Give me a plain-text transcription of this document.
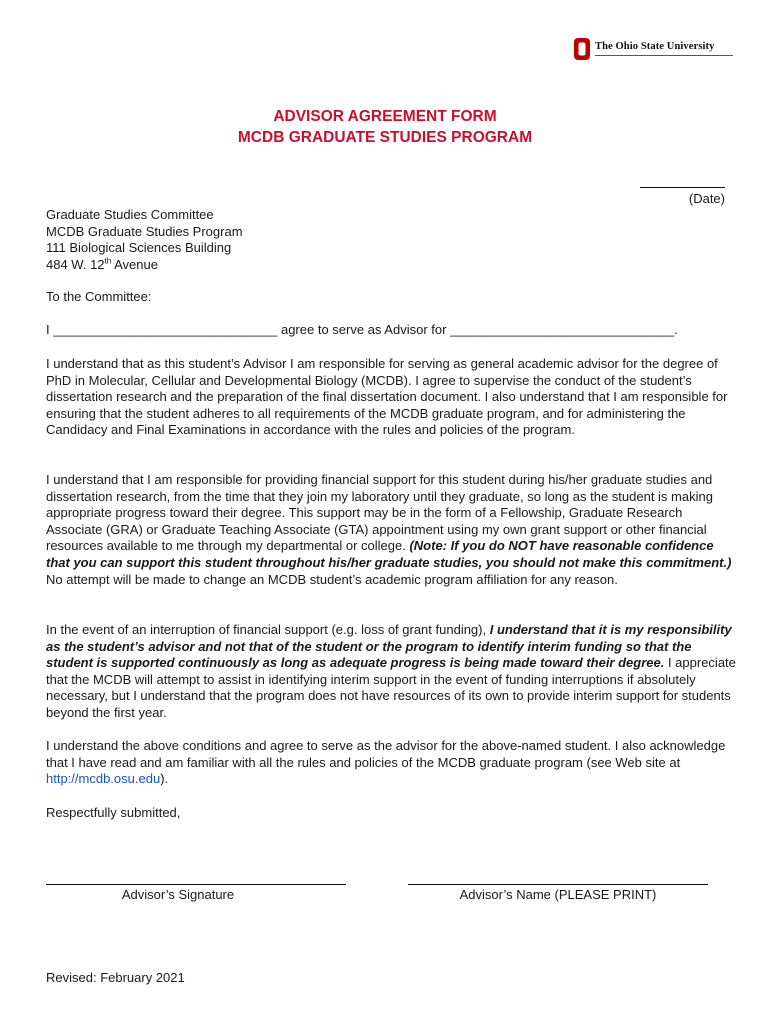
The Ohio State University
ADVISOR AGREEMENT FORM
MCDB GRADUATE STUDIES PROGRAM
(Date)
Graduate Studies Committee
MCDB Graduate Studies Program
111 Biological Sciences Building
484 W. 12th Avenue
To the Committee:
I _______________________________ agree to serve as Advisor for _______________________________.

I understand that as this student’s Advisor I am responsible for serving as general academic advisor for the degree of PhD in Molecular, Cellular and Developmental Biology (MCDB). I agree to supervise the conduct of the student’s dissertation research and the preparation of the final dissertation document. I also understand that I am responsible for ensuring that the student adheres to all requirements of the MCDB graduate program, and for administering the Candidacy and Final Examinations in accordance with the rules and policies of the program.

I understand that I am responsible for providing financial support for this student during his/her graduate studies and dissertation research, from the time that they join my laboratory until they graduate, so long as the student is making appropriate progress toward their degree. This support may be in the form of a Fellowship, Graduate Research Associate (GRA) or Graduate Teaching Associate (GTA) appointment using my own grant support or other financial resources available to me through my departmental or college. (Note: If you do NOT have reasonable confidence that you can support this student throughout his/her graduate studies, you should not make this commitment.) No attempt will be made to change an MCDB student’s academic program affiliation for any reason.

In the event of an interruption of financial support (e.g. loss of grant funding), I understand that it is my responsibility as the student’s advisor and not that of the student or the program to identify interim funding so that the student is supported continuously as long as adequate progress is being made toward their degree. I appreciate that the MCDB will attempt to assist in identifying interim support in the event of funding interruptions if absolutely necessary, but I understand that the program does not have resources of its own to provide interim support for students beyond the first year.

I understand the above conditions and agree to serve as the advisor for the above-named student. I also acknowledge that I have read and am familiar with all the rules and policies of the MCDB graduate program (see Web site at http://mcdb.osu.edu).

Respectfully submitted,
Advisor’s Signature	Advisor’s Name (PLEASE PRINT)
Revised: February 2021
